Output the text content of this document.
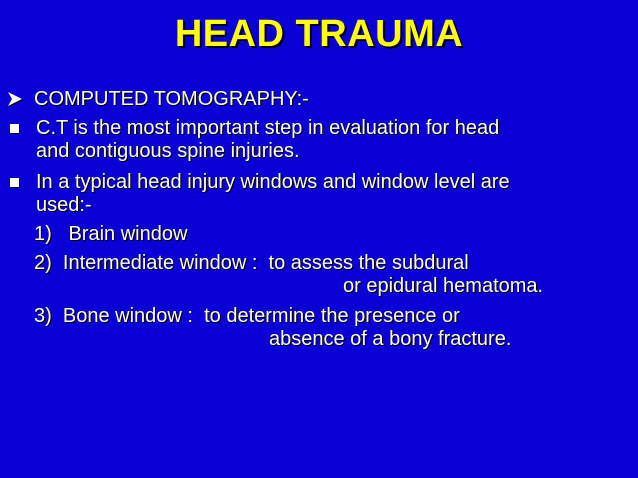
HEAD TRAUMA
COMPUTED TOMOGRAPHY:-
C.T is the most important step in evaluation for head
and contiguous spine injuries.
In a typical head injury windows and window level are
used:-
1)   Brain window
2)  Intermediate window :  to assess the subdural
or epidural hematoma.
3)  Bone window :  to determine the presence or
absence of a bony fracture.
